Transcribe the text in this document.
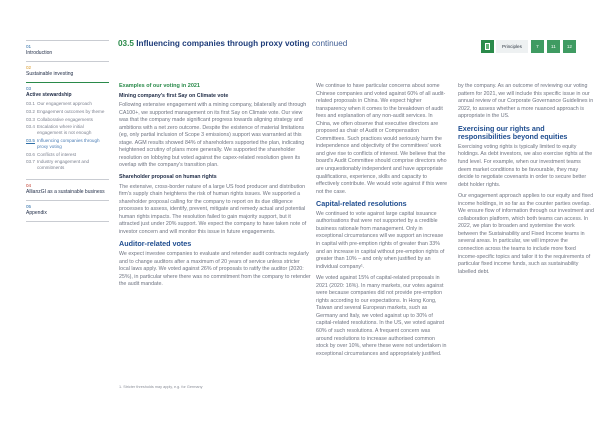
01
Introduction
02
Sustainable investing
03
Active stewardship
03.1 Our engagement approach
03.2 Engagement outcomes by theme
03.3 Collaborative engagements
03.4 Escalation where initial engagement is not enough
03.5 Influencing companies through proxy voting
03.6 Conflicts of interest
03.7 Industry engagement and commitments
04
AllianzGI as a sustainable business
05
Appendix
03.5 Influencing companies through proxy voting continued	Principles	7	11	12
Examples of our voting in 2021
Mining company's first Say on Climate vote

Following extensive engagement with a mining company, bilaterally and through CA100+, we supported management on its first Say on Climate vote. Our view was that the company made significant progress towards aligning strategy and ambitions with a net zero outcome. Despite the existence of material limitations (eg, only partial inclusion of Scope 3 emissions) support was warranted at this stage. AGM results showed 84% of shareholders supported the plan, indicating heightened scrutiny of plans more generally. We supported the shareholder resolution on lobbying but voted against the capex-related resolution given its overlap with the company's transition plan.

Shareholder proposal on human rights

The extensive, cross-border nature of a large US food producer and distribution firm's supply chain heightens the risk of human rights issues. We supported a shareholder proposal calling for the company to report on its due diligence processes to assess, identify, prevent, mitigate and remedy actual and potential human rights impacts. The resolution failed to gain majority support, but it attracted just under 20% support. We expect the company to have taken note of investor concern and will monitor this issue in future engagements.

Auditor-related votes

We expect investee companies to evaluate and retender audit contracts regularly and to change auditors after a maximum of 20 years of service unless stricter local laws apply. We voted against 26% of proposals to ratify the auditor (2020: 25%), in particular where there was no commitment from the company to retender the audit mandate.

We continue to have particular concerns about some Chinese companies and voted against 60% of all audit-related proposals in China. We expect higher transparency when it comes to the breakdown of audit fees and explanation of any non-audit services. In China, we often observe that executive directors are proposed as chair of Audit or Compensation Committees. Such practices would seriously harm the independence and objectivity of the committees' work and give rise to conflicts of interest. We believe that the board's Audit Committee should comprise directors who are unquestionably independent and have appropriate qualifications, experience, skills and capacity to effectively contribute. We would vote against if this were not the case.

Capital-related resolutions

We continued to vote against large capital issuance authorisations that were not supported by a credible business rationale from management. Only in exceptional circumstances will we support an increase in capital with pre-emption rights of greater than 33% and an increase in capital without pre-emption rights of greater than 10% – and only when justified by an individual company¹.

We voted against 15% of capital-related proposals in 2021 (2020: 16%). In many markets, our votes against were because companies did not provide pre-emption rights according to our expectations. In Hong Kong, Taiwan and several European markets, such as Germany and Italy, we voted against up to 30% of capital-related resolutions. In the US, we voted against 60% of such resolutions. A frequent concern was around resolutions to increase authorised common stock by over 10%, where these were not undertaken in exceptional circumstances and appropriately justified.

by the company. As an outcome of reviewing our voting pattern for 2021, we will include this specific issue in our annual review of our Corporate Governance Guidelines in 2022, to assess whether a more nuanced approach is appropriate in the US.

Exercising our rights and responsibilities beyond equities

Exercising voting rights is typically limited to equity holdings. As debt investors, we also exercise rights at the fund level. For example, when our investment teams deem market conditions to be favourable, they may decide to negotiate covenants in order to secure better debt holder rights.

Our engagement approach applies to our equity and fixed income holdings, in so far as the counter parties overlap. We ensure flow of information through our investment and collaboration platform, which both teams can access. In 2022, we plan to broaden and systemise the work between the Sustainability and Fixed Income teams in several areas. In particular, we will improve the connection across the teams to include more fixed income-specific topics and tailor it to the requirements of particular fixed income funds, such as sustainability labelled debt.

1. Stricter thresholds may apply, e.g. for Germany
